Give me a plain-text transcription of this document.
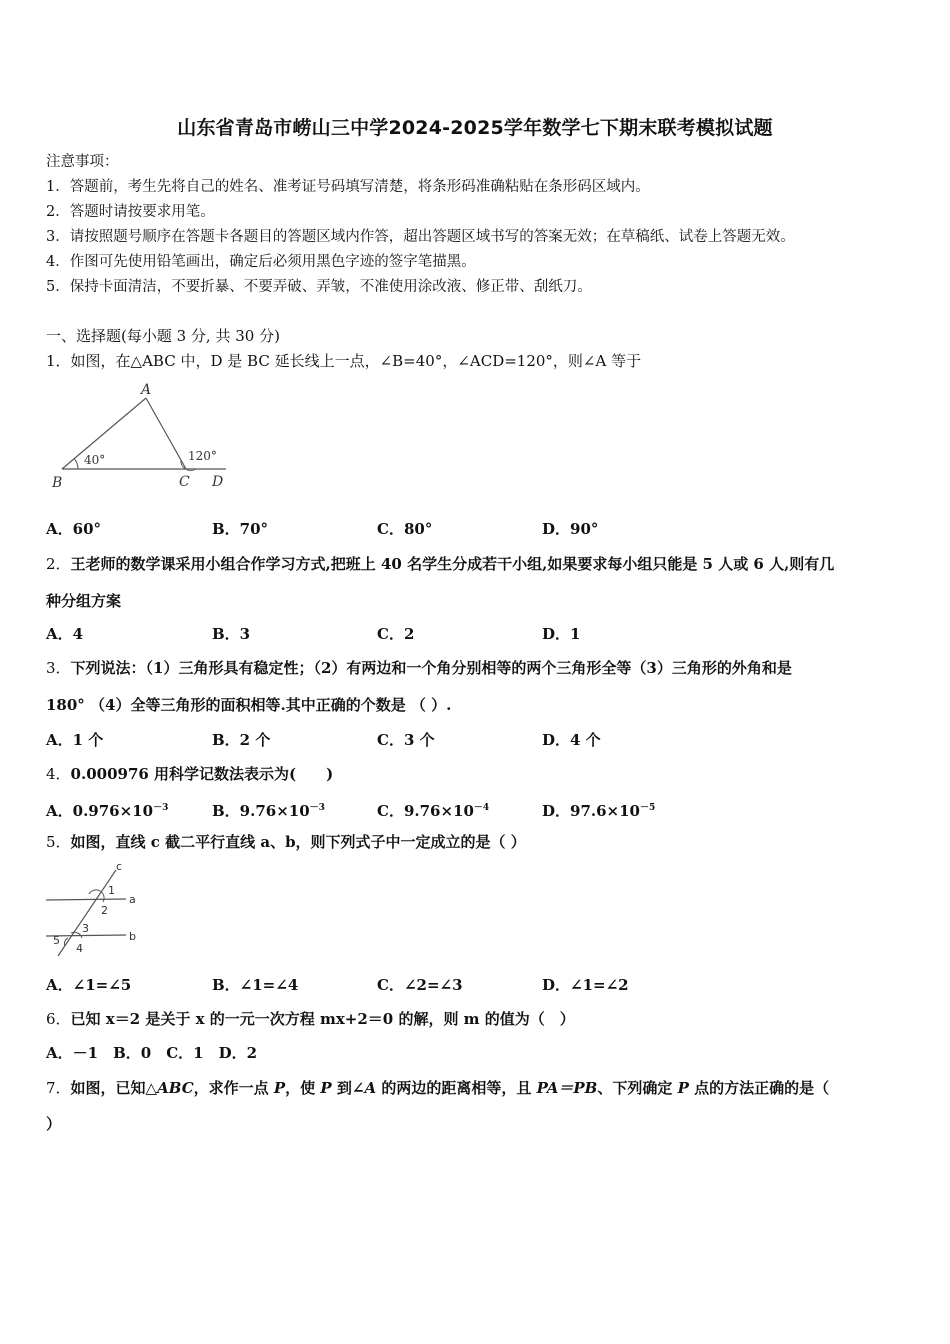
山东省青岛市崂山三中学2024-2025学年数学七下期末联考模拟试题
注意事项：
1．答题前，考生先将自己的姓名、准考证号码填写清楚，将条形码准确粘贴在条形码区域内。
2．答题时请按要求用笔。
3．请按照题号顺序在答题卡各题目的答题区域内作答，超出答题区域书写的答案无效；在草稿纸、试卷上答题无效。
4．作图可先使用铅笔画出，确定后必须用黑色字迹的签字笔描黑。
5．保持卡面清洁，不要折暴、不要弄破、弄皱，不准使用涂改液、修正带、刮纸刀。
一、选择题(每小题 3 分, 共 30 分)
1．如图，在△ABC 中，D 是 BC 延长线上一点，∠B=40°，∠ACD=120°，则∠A 等于
40°	120°
A
B	C D
A．60°	B．70°	C．80°	D．90°
2．王老师的数学课采用小组合作学习方式,把班上 40 名学生分成若干小组,如果要求每小组只能是 5 人或 6 人,则有几
种分组方案
A．4	B．3	C．2	D．1
3．下列说法：（1）三角形具有稳定性；（2）有两边和一个角分别相等的两个三角形全等（3）三角形的外角和是
180° （4）全等三角形的面积相等.其中正确的个数是 （ ）.
A．1 个	B．2 个	C．3 个	D．4 个
4．0.000976 用科学记数法表示为(　　)
A．$0.976\times 10^{-3}$	B．$9.76\times 10^{-3}$	C．$9.76\times 10^{-4}$	D．$97.6\times 10^{-5}$
5．如图，直线 c 截二平行直线 a、b，则下列式子中一定成立的是（ ）
c
a
b
1
2
3
4
5
A．∠1=∠5	B．∠1=∠4	C．∠2=∠3	D．∠1=∠2
6．已知 x＝2 是关于 x 的一元一次方程 mx+2＝0 的解，则 m 的值为（　）
A．－1　B．0　C．1　D．2
7．如图，已知△ABC，求作一点 P，使 P 到∠A 的两边的距离相等，且 PA＝PB、下列确定 P 点的方法正确的是（
）
